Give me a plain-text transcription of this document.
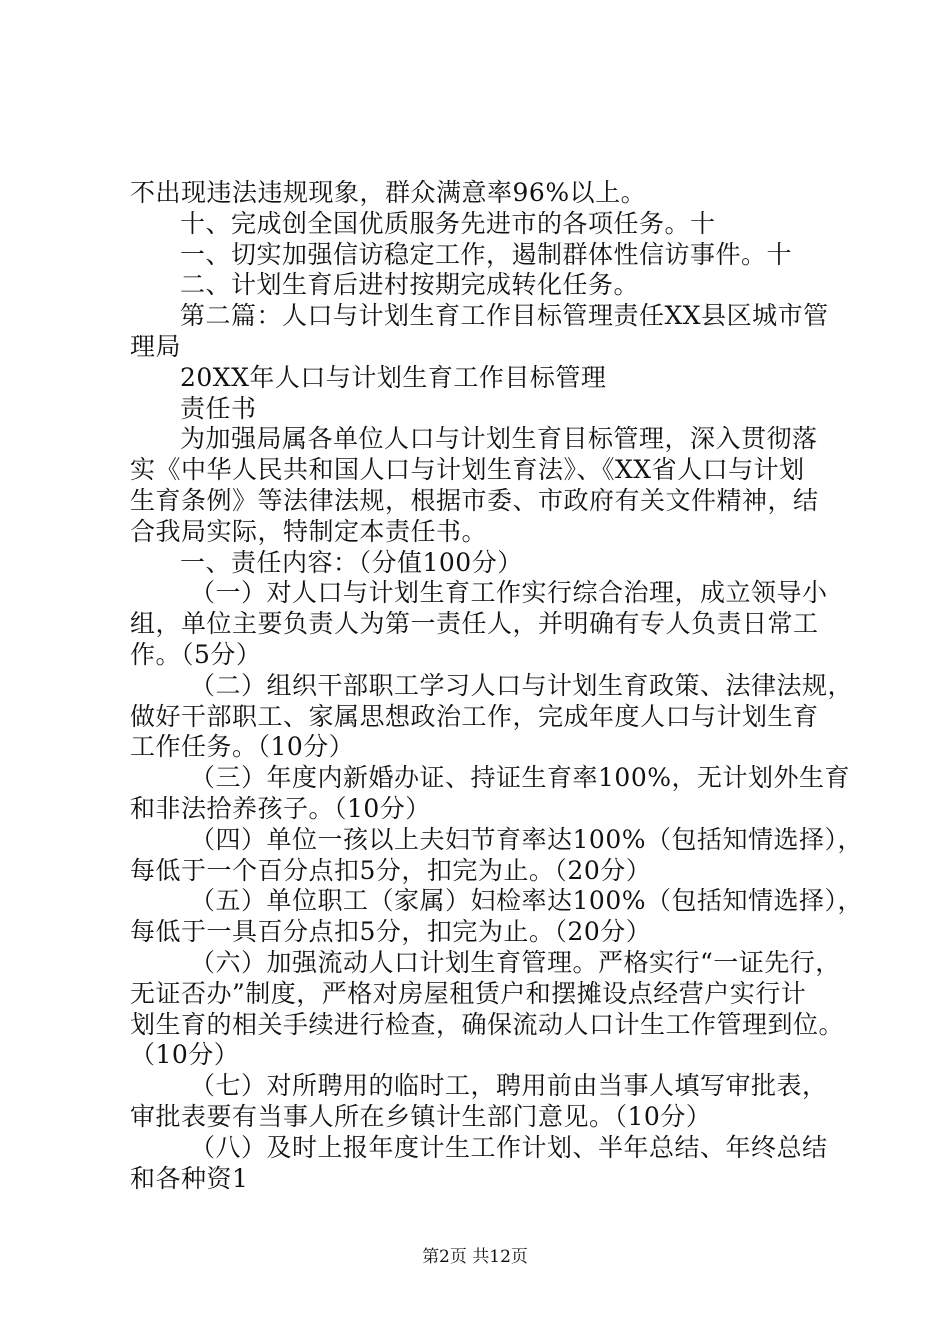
不出现违法违规现象，群众满意率96%以上。
十、完成创全国优质服务先进市的各项任务。十
一、切实加强信访稳定工作，遏制群体性信访事件。十
二、计划生育后进村按期完成转化任务。
第二篇：人口与计划生育工作目标管理责任XX县区城市管
理局
20XX年人口与计划生育工作目标管理
责任书
为加强局属各单位人口与计划生育目标管理，深入贯彻落
实《中华人民共和国人口与计划生育法》、《XX省人口与计划
生育条例》等法律法规，根据市委、市政府有关文件精神，结
合我局实际，特制定本责任书。
一、责任内容：（分值100分）
（一）对人口与计划生育工作实行综合治理，成立领导小
组，单位主要负责人为第一责任人，并明确有专人负责日常工
作。（5分）
（二）组织干部职工学习人口与计划生育政策、法律法规，
做好干部职工、家属思想政治工作，完成年度人口与计划生育
工作任务。（10分）
（三）年度内新婚办证、持证生育率100%，无计划外生育
和非法拾养孩子。（10分）
（四）单位一孩以上夫妇节育率达100%（包括知情选择），
每低于一个百分点扣5分，扣完为止。（20分）
（五）单位职工（家属）妇检率达100%（包括知情选择），
每低于一具百分点扣5分，扣完为止。（20分）
（六）加强流动人口计划生育管理。严格实行“一证先行，
无证否办”制度，严格对房屋租赁户和摆摊设点经营户实行计
划生育的相关手续进行检查，确保流动人口计生工作管理到位。
（10分）
（七）对所聘用的临时工，聘用前由当事人填写审批表，
审批表要有当事人所在乡镇计生部门意见。（10分）
（八）及时上报年度计生工作计划、半年总结、年终总结
和各种资1
第2页 共12页
